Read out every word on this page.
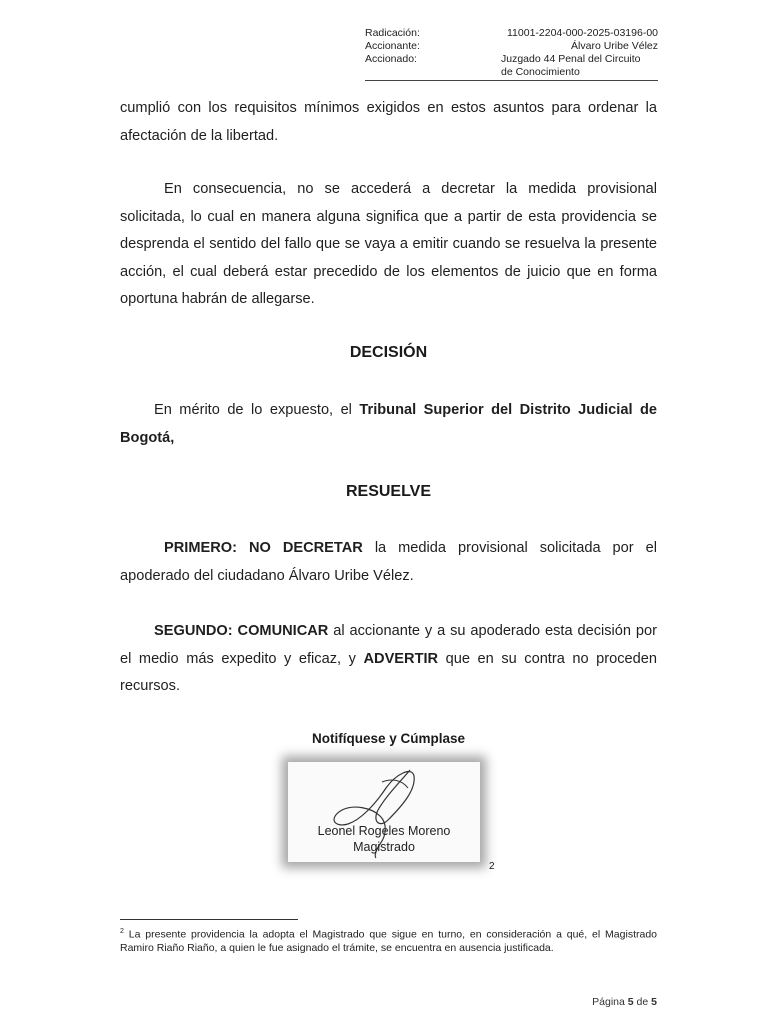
Radicación:	11001-2204-000-2025-03196-00
Accionante:	Álvaro Uribe Vélez
Accionado:	Juzgado 44 Penal del Circuito
de Conocimiento
cumplió con los requisitos mínimos exigidos en estos asuntos para ordenar la afectación de la libertad.
En consecuencia, no se accederá a decretar la medida provisional solicitada, lo cual en manera alguna significa que a partir de esta providencia se desprenda el sentido del fallo que se vaya a emitir cuando se resuelva la presente acción, el cual deberá estar precedido de los elementos de juicio que en forma oportuna habrán de allegarse.
DECISIÓN
En mérito de lo expuesto, el Tribunal Superior del Distrito Judicial de Bogotá,
RESUELVE
PRIMERO: NO DECRETAR la medida provisional solicitada por el apoderado del ciudadano Álvaro Uribe Vélez.
SEGUNDO: COMUNICAR al accionante y a su apoderado esta decisión por el medio más expedito y eficaz, y ADVERTIR que en su contra no proceden recursos.
Notifíquese y Cúmplase
Leonel Rogeles Moreno
Magistrado
2
$^2$ La presente providencia la adopta el Magistrado que sigue en turno, en consideración a qué, el Magistrado Ramiro Riaño Riaño, a quien le fue asignado el trámite, se encuentra en ausencia justificada.
Página 5 de 5
